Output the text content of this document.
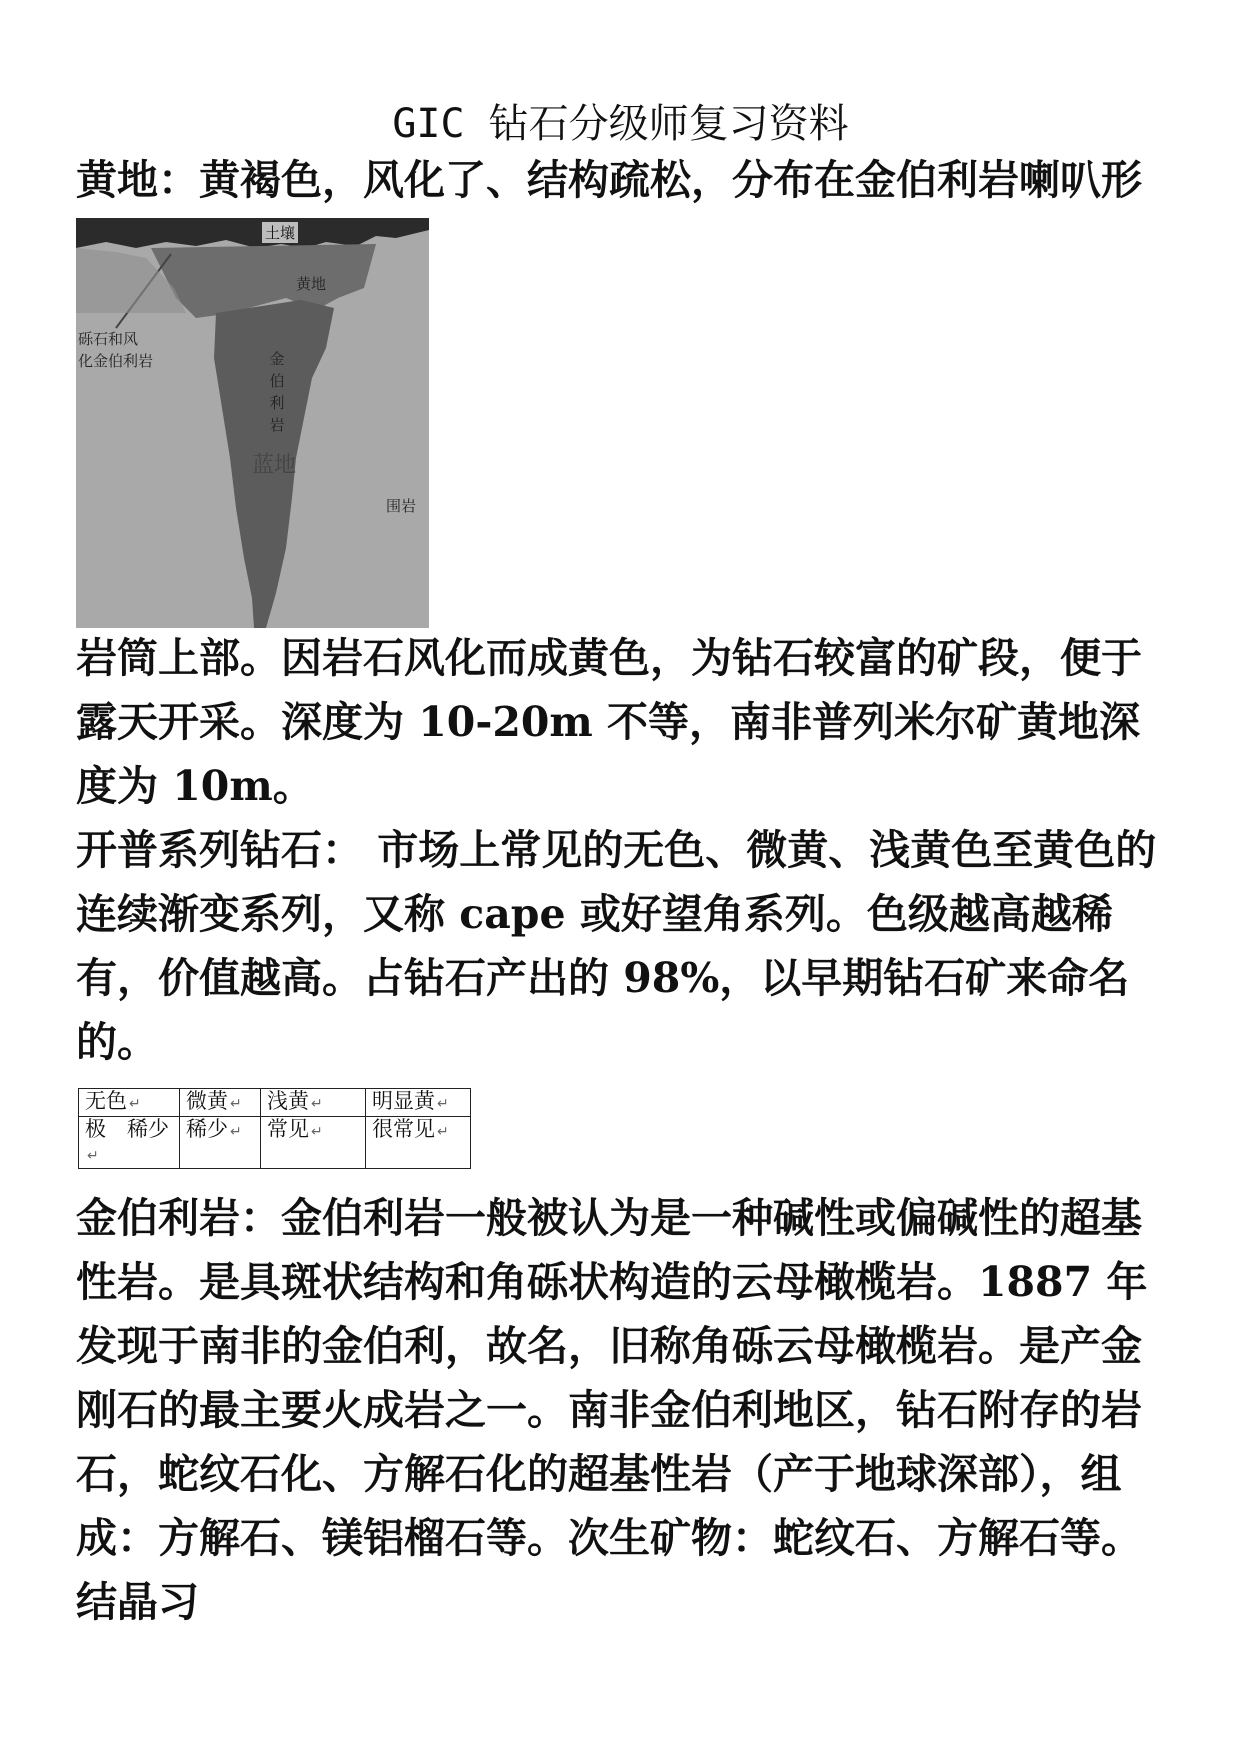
GIC 钻石分级师复习资料

黄地：黄褐色，风化了、结构疏松，分布在金伯利岩喇叭形

土壤
黄地
砾石和风
化金伯利岩	金伯利岩
蓝地
围岩

岩筒上部。因岩石风化而成黄色，为钻石较富的矿段，便于露天开采。深度为 10-20m 不等，南非普列米尔矿黄地深度为 10m。

开普系列钻石： 市场上常见的无色、微黄、浅黄色至黄色的连续渐变系列，又称 cape 或好望角系列。色级越高越稀有，价值越高。占钻石产出的 98%，以早期钻石矿来命名的。

无色 ↵	微黄 ↵	浅黄 ↵	明显黄 ↵
极　稀少↵	稀少 ↵	常见 ↵	很常见 ↵

金伯利岩：金伯利岩一般被认为是一种碱性或偏碱性的超基性岩。是具斑状结构和角砾状构造的云母橄榄岩。1887 年发现于南非的金伯利，故名，旧称角砾云母橄榄岩。是产金刚石的最主要火成岩之一。南非金伯利地区，钻石附存的岩石，蛇纹石化、方解石化的超基性岩（产于地球深部），组成：方解石、镁铝榴石等。次生矿物：蛇纹石、方解石等。结晶习
